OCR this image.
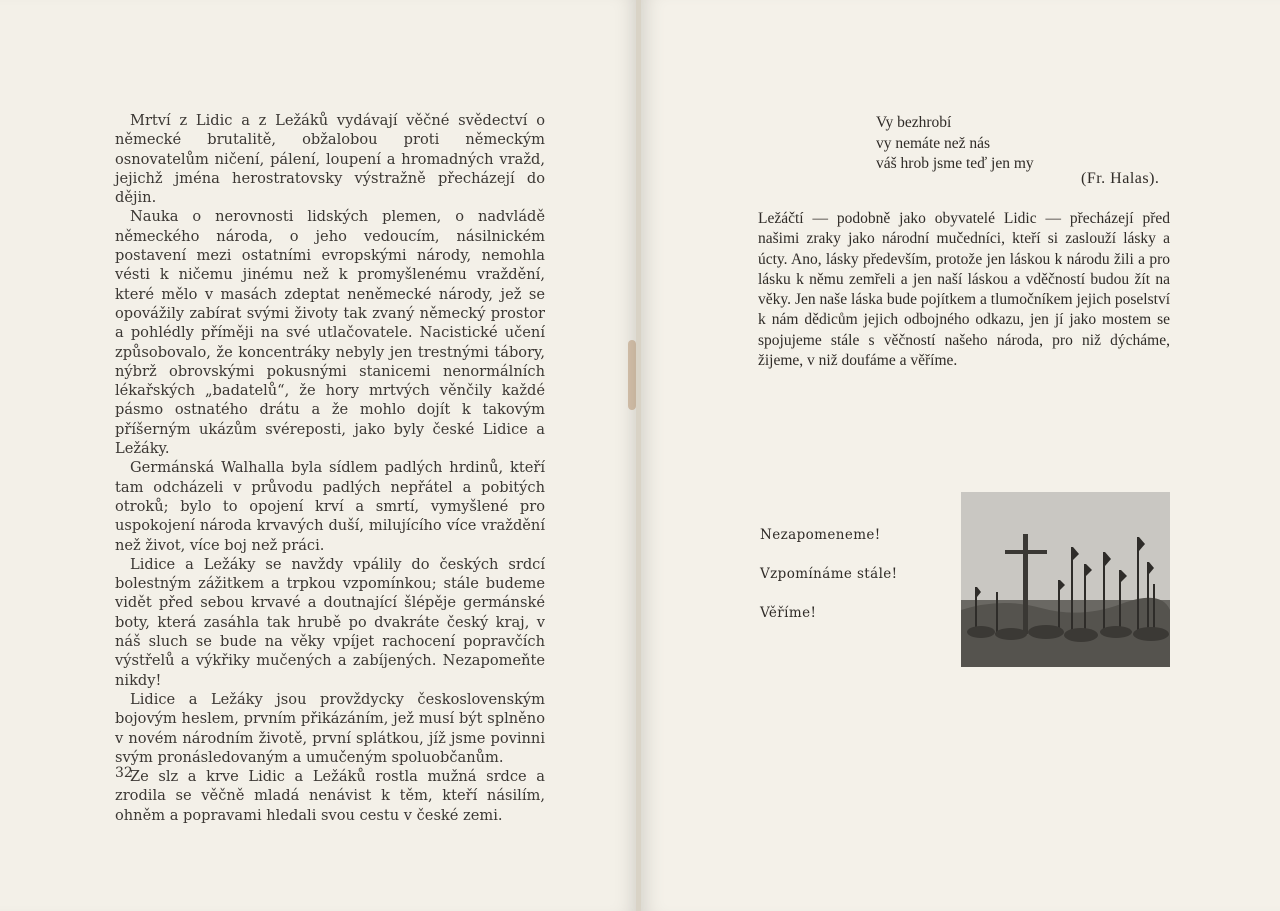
Mrtví z Lidic a z Ležáků vydávají věčné svědectví o německé brutalitě, obžalobou proti německým osnovatelům ničení, pálení, loupení a hromadných vražd, jejichž jména herostratovsky výstražně přecházejí do dějin.

Nauka o nerovnosti lidských plemen, o nadvládě německého národa, o jeho vedoucím, násilnickém postavení mezi ostatními evropskými národy, nemohla vésti k ničemu jinému než k promyšlenému vraždění, které mělo v masách zdeptat neněmecké národy, jež se opovážily zabírat svými životy tak zvaný německý prostor a pohlédly příměji na své utlačovatele. Nacistické učení způsobovalo, že koncentráky nebyly jen trestnými tábory, nýbrž obrovskými pokusnými stanicemi nenormálních lékařských „badatelů“, že hory mrtvých věnčily každé pásmo ostnatého drátu a že mohlo dojít k takovým příšerným ukázům svéreposti, jako byly české Lidice a Ležáky.

Germánská Walhalla byla sídlem padlých hrdinů, kteří tam odcházeli v průvodu padlých nepřátel a pobitých otroků; bylo to opojení krví a smrtí, vymyšlené pro uspokojení národa krvavých duší, milujícího více vraždění než život, více boj než práci.

Lidice a Ležáky se navždy vpálily do českých srdcí bolestným zážitkem a trpkou vzpomínkou; stále budeme vidět před sebou krvavé a doutnající šlépěje germánské boty, která zasáhla tak hrubě po dvakráte český kraj, v náš sluch se bude na věky vpíjet rachocení popravčích výstřelů a výkřiky mučených a zabíjených. Nezapomeňte nikdy!

Lidice a Ležáky jsou provždycky československým bojovým heslem, prvním přikázáním, jež musí být splněno v novém národním životě, první splátkou, jíž jsme povinni svým pronásledovaným a umučeným spoluobčanům.

Ze slz a krve Lidic a Ležáků rostla mužná srdce a zrodila se věčně mladá nenávist k těm, kteří násilím, ohněm a popravami hledali svou cestu v české zemi.

32
Vy bezhrobí
vy nemáte než nás
váš hrob jsme teď jen my
(Fr. Halas).

Ležáčtí — podobně jako obyvatelé Lidic — přecházejí před našimi zraky jako národní mučedníci, kteří si zaslouží lásky a úcty. Ano, lásky především, protože jen láskou k národu žili a pro lásku k němu zemřeli a jen naší láskou a vděčností budou žít na věky. Jen naše láska bude pojítkem a tlumočníkem jejich poselství k nám dědicům jejich odbojného odkazu, jen jí jako mostem se spojujeme stále s věčností našeho národa, pro niž dýcháme, žijeme, v niž doufáme a věříme.

Nezapomeneme!
Vzpomínáme stále!
Věříme!
